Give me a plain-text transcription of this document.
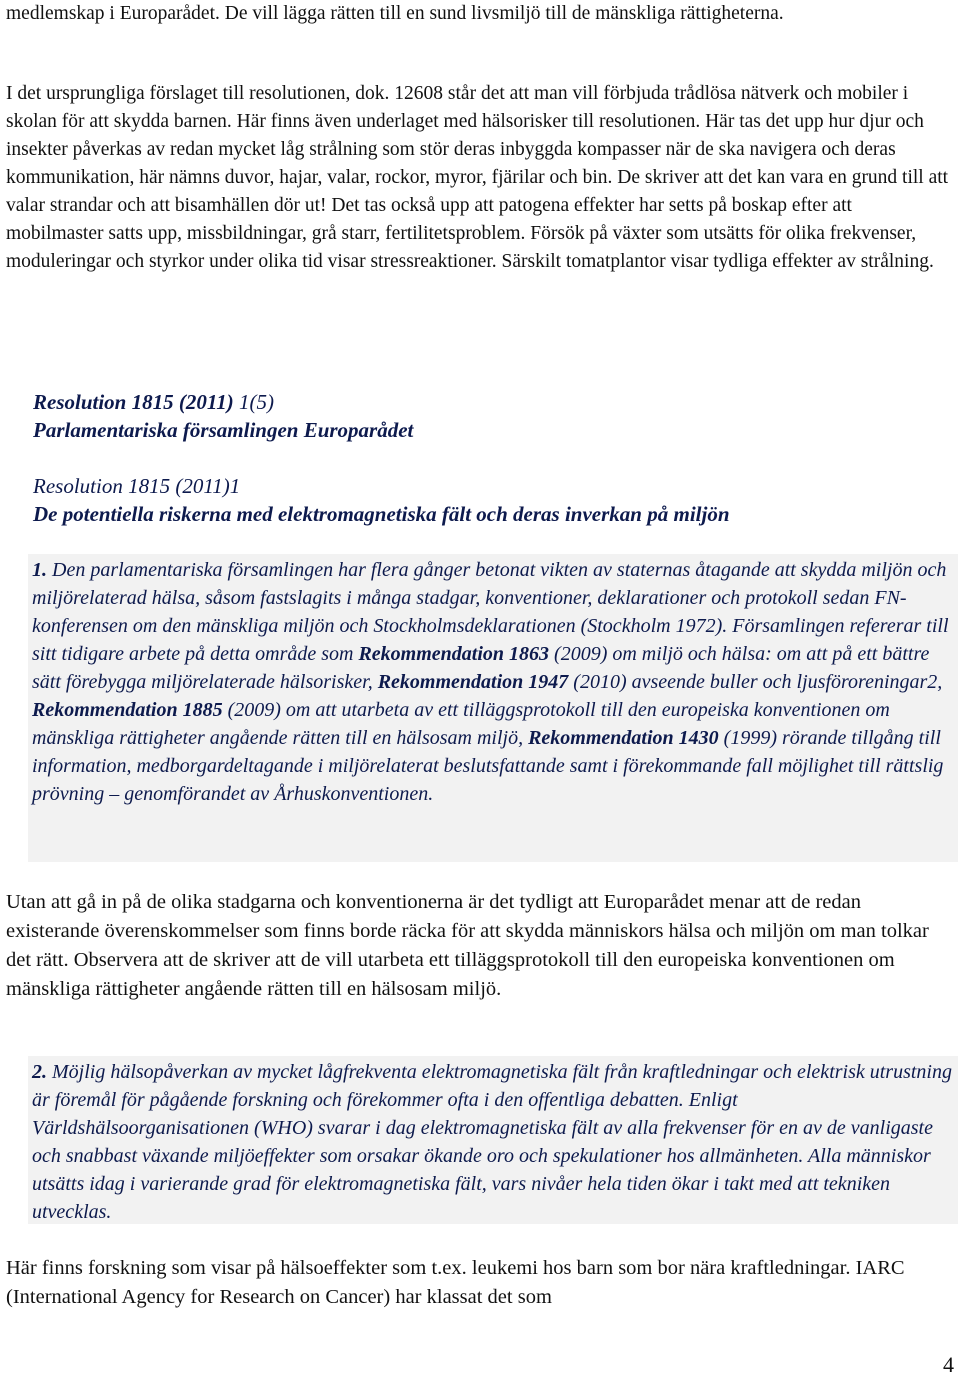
medlemskap i Europarådet. De vill lägga rätten till en sund livsmiljö till de mänskliga rättigheterna.

I det ursprungliga förslaget till resolutionen, dok. 12608 står det att man vill förbjuda trådlösa nätverk och mobiler i skolan för att skydda barnen. Här finns även underlaget med hälsorisker till resolutionen. Här tas det upp hur djur och insekter påverkas av redan mycket låg strålning som stör deras inbyggda kompasser när de ska navigera och deras kommunikation, här nämns duvor, hajar, valar, rockor, myror, fjärilar och bin. De skriver att det kan vara en grund till att valar strandar och att bisamhällen dör ut! Det tas också upp att patogena effekter har setts på boskap efter att mobilmaster satts upp, missbildningar, grå starr, fertilitetsproblem. Försök på växter som utsätts för olika frekvenser, moduleringar och styrkor under olika tid visar stressreaktioner. Särskilt tomatplantor visar tydliga effekter av strålning.

Resolution 1815 (2011) 1(5)

Parlamentariska församlingen Europarådet

Resolution 1815 (2011)1

De potentiella riskerna med elektromagnetiska fält och deras inverkan på miljön

1. Den parlamentariska församlingen har flera gånger betonat vikten av staternas åtagande att skydda miljön och miljörelaterad hälsa, såsom fastslagits i många stadgar, konventioner, deklarationer och protokoll sedan FN-konferensen om den mänskliga miljön och Stockholmsdeklarationen (Stockholm 1972). Församlingen refererar till sitt tidigare arbete på detta område som Rekommendation 1863 (2009) om miljö och hälsa: om att på ett bättre sätt förebygga miljörelaterade hälsorisker, Rekommendation 1947 (2010) avseende buller och ljusföroreningar2, Rekommendation 1885 (2009) om att utarbeta av ett tilläggsprotokoll till den europeiska konventionen om mänskliga rättigheter angående rätten till en hälsosam miljö, Rekommendation 1430 (1999) rörande tillgång till information, medborgardeltagande i miljörelaterat beslutsfattande samt i förekommande fall möjlighet till rättslig prövning – genomförandet av Århuskonventionen.

Utan att gå in på de olika stadgarna och konventionerna är det tydligt att Europarådet menar att de redan existerande överenskommelser som finns borde räcka för att skydda människors hälsa och miljön om man tolkar det rätt. Observera att de skriver att de vill utarbeta ett tilläggsprotokoll till den europeiska konventionen om mänskliga rättigheter angående rätten till en hälsosam miljö.

2. Möjlig hälsopåverkan av mycket lågfrekventa elektromagnetiska fält från kraftledningar och elektrisk utrustning är föremål för pågående forskning och förekommer ofta i den offentliga debatten. Enligt Världshälsoorganisationen (WHO) svarar i dag elektromagnetiska fält av alla frekvenser för en av de vanligaste och snabbast växande miljöeffekter som orsakar ökande oro och spekulationer hos allmänheten. Alla människor utsätts idag i varierande grad för elektromagnetiska fält, vars nivåer hela tiden ökar i takt med att tekniken utvecklas.

Här finns forskning som visar på hälsoeffekter som t.ex. leukemi hos barn som bor nära kraftledningar. IARC (International Agency for Research on Cancer) har klassat det som

4
